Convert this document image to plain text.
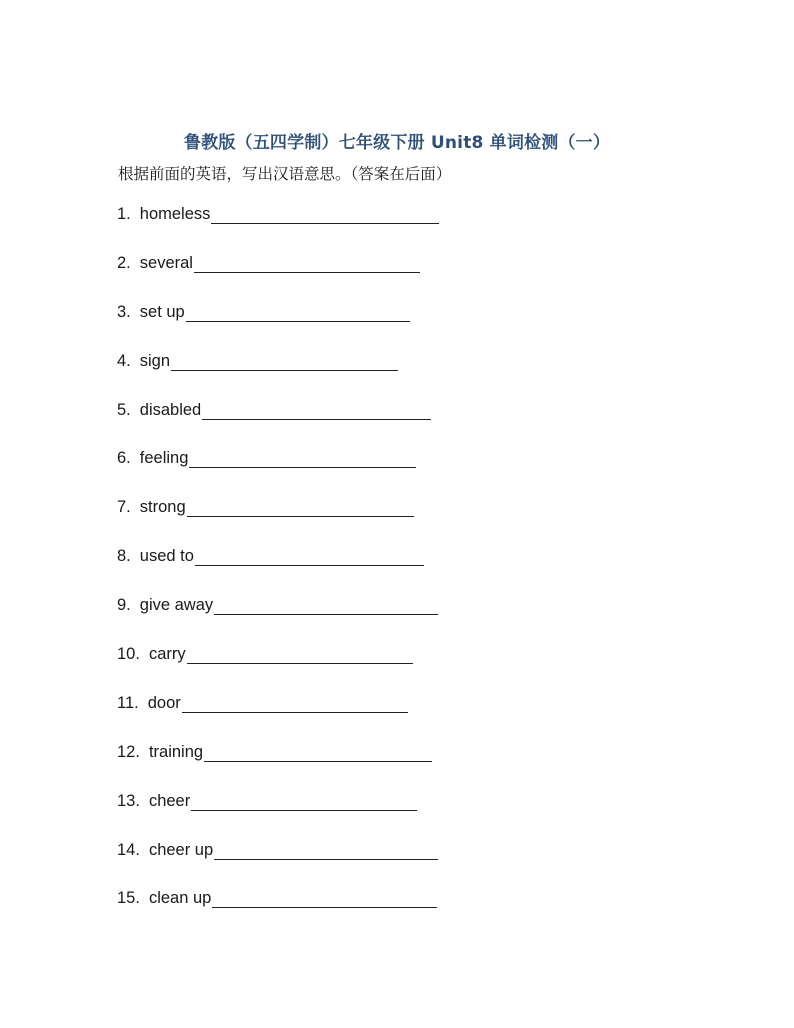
鲁教版（五四学制）七年级下册 Unit8 单词检测（一）
根据前面的英语，写出汉语意思。（答案在后面）
1. homeless
2. several
3. set up
4. sign
5. disabled
6. feeling
7. strong
8. used to
9. give away
10. carry
11. door
12. training
13. cheer
14. cheer up
15. clean up
